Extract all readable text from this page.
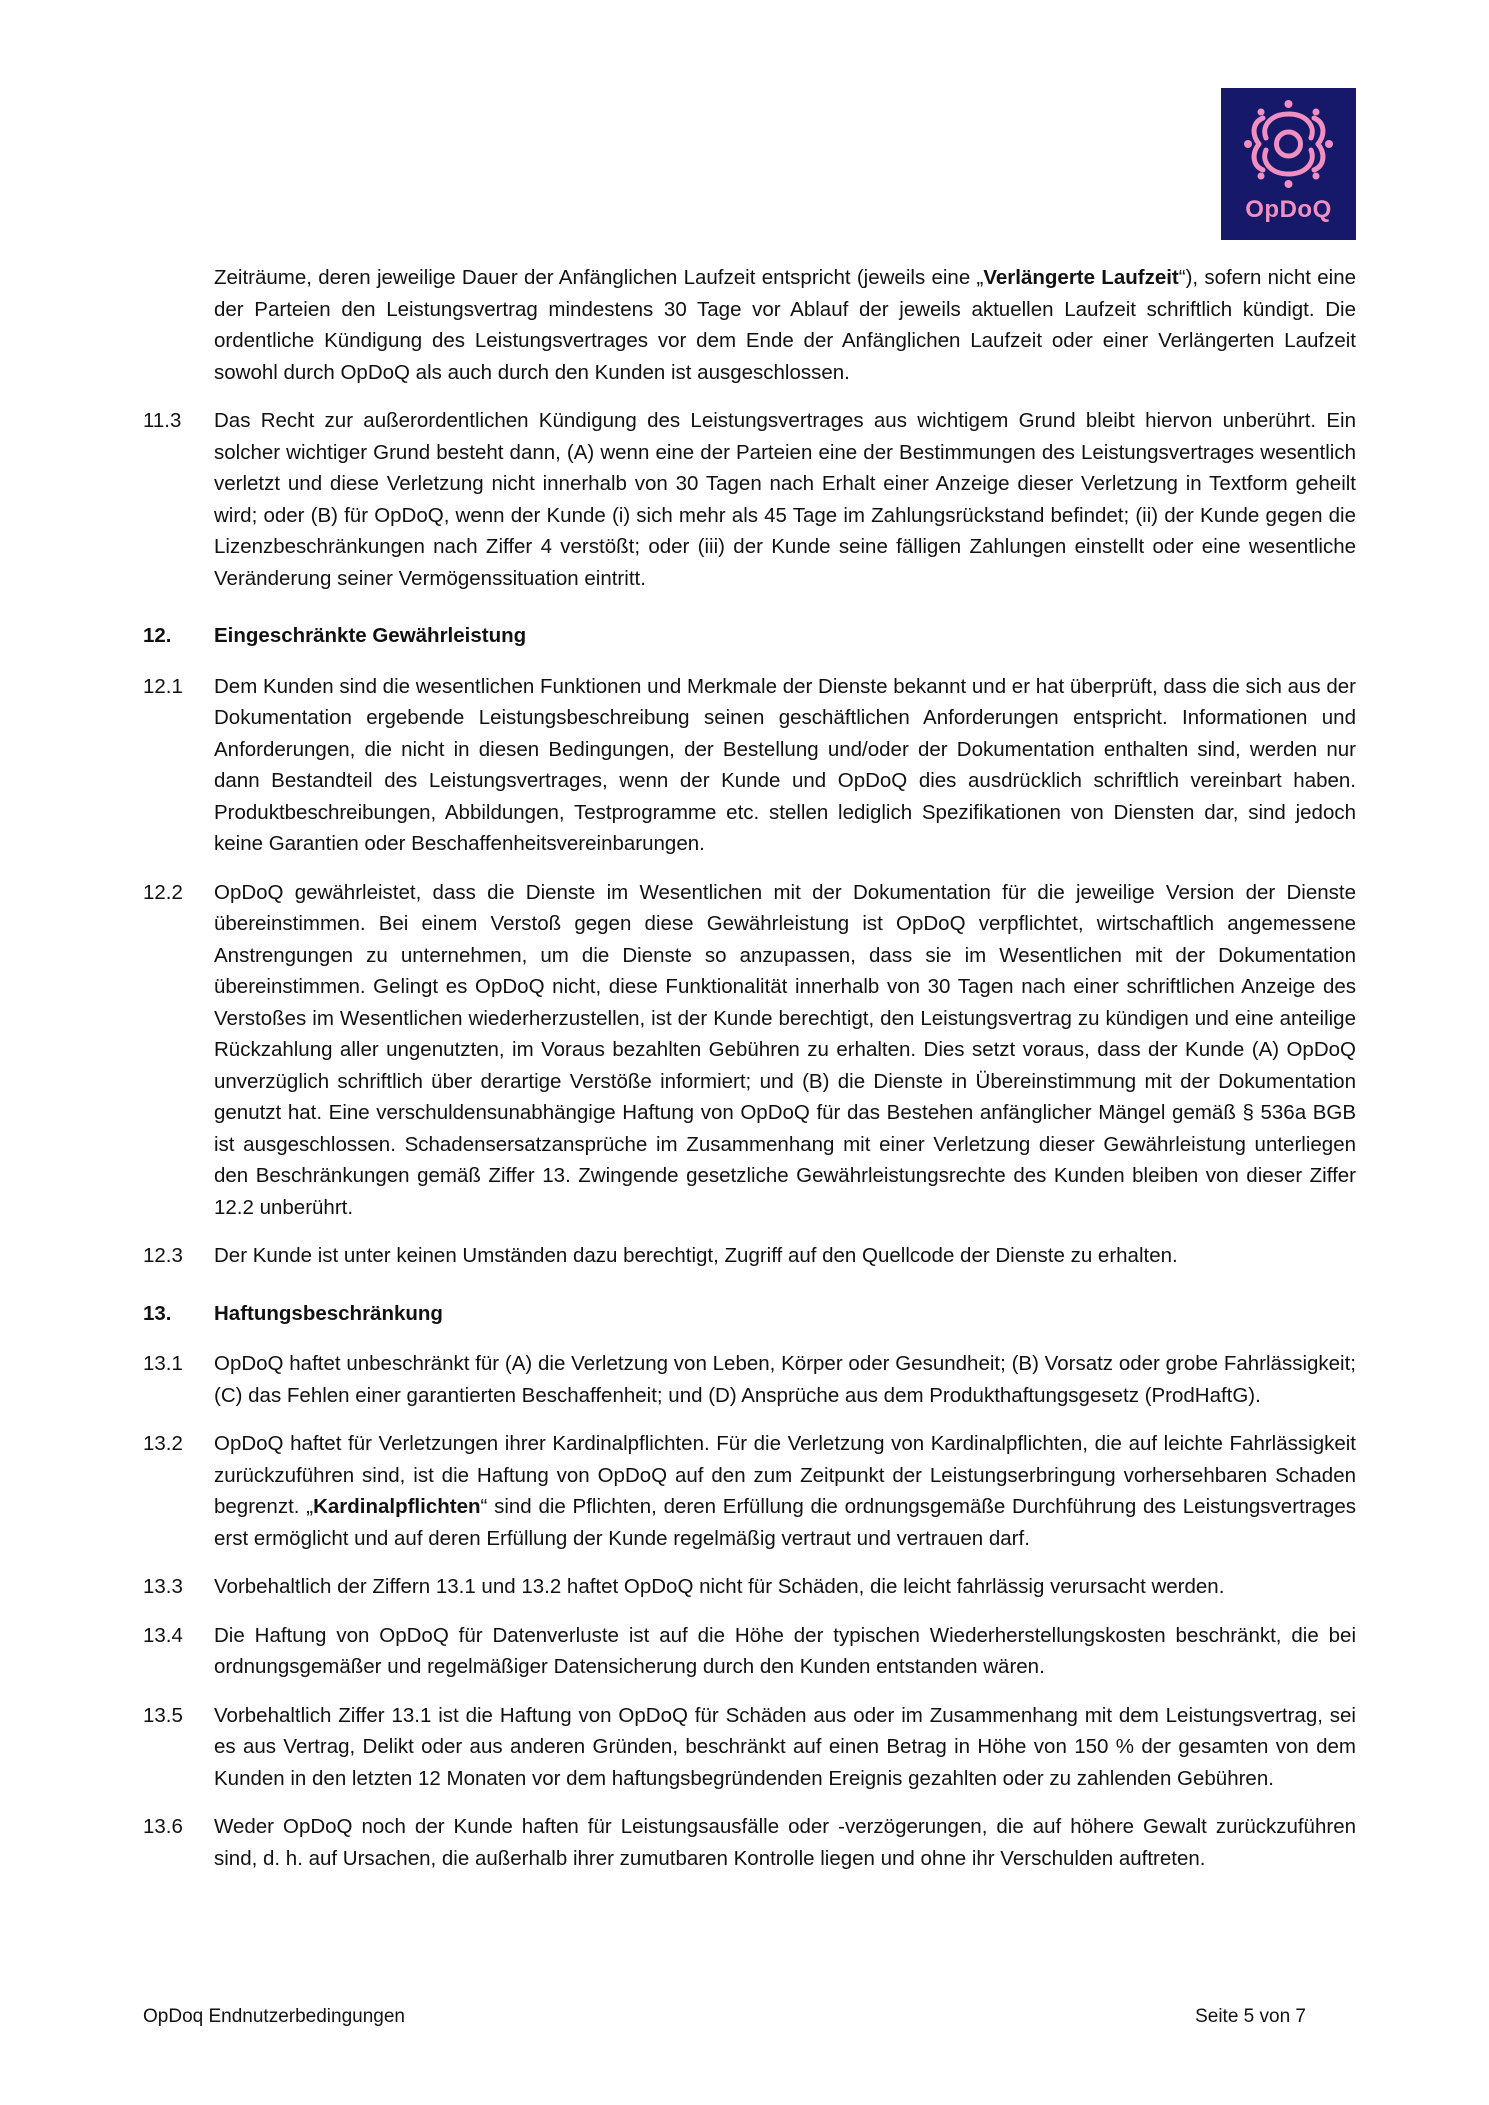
OpDoQ

Zeiträume, deren jeweilige Dauer der Anfänglichen Laufzeit entspricht (jeweils eine „Verlängerte Laufzeit“), sofern nicht eine der Parteien den Leistungsvertrag mindestens 30 Tage vor Ablauf der jeweils aktuellen Laufzeit schriftlich kündigt. Die ordentliche Kündigung des Leistungsvertrages vor dem Ende der Anfänglichen Laufzeit oder einer Verlängerten Laufzeit sowohl durch OpDoQ als auch durch den Kunden ist ausgeschlossen.

11.3	Das Recht zur außerordentlichen Kündigung des Leistungsvertrages aus wichtigem Grund bleibt hiervon unberührt. Ein solcher wichtiger Grund besteht dann, (A) wenn eine der Parteien eine der Bestimmungen des Leistungsvertrages wesentlich verletzt und diese Verletzung nicht innerhalb von 30 Tagen nach Erhalt einer Anzeige dieser Verletzung in Textform geheilt wird; oder (B) für OpDoQ, wenn der Kunde (i) sich mehr als 45 Tage im Zahlungsrückstand befindet; (ii) der Kunde gegen die Lizenzbeschränkungen nach Ziffer 4 verstößt; oder (iii) der Kunde seine fälligen Zahlungen einstellt oder eine wesentliche Veränderung seiner Vermögenssituation eintritt.
12.	Eingeschränkte Gewährleistung
12.1	Dem Kunden sind die wesentlichen Funktionen und Merkmale der Dienste bekannt und er hat überprüft, dass die sich aus der Dokumentation ergebende Leistungsbeschreibung seinen geschäftlichen Anforderungen entspricht. Informationen und Anforderungen, die nicht in diesen Bedingungen, der Bestellung und/oder der Dokumentation enthalten sind, werden nur dann Bestandteil des Leistungsvertrages, wenn der Kunde und OpDoQ dies ausdrücklich schriftlich vereinbart haben. Produktbeschreibungen, Abbildungen, Testprogramme etc. stellen lediglich Spezifikationen von Diensten dar, sind jedoch keine Garantien oder Beschaffenheitsvereinbarungen.
12.2	OpDoQ gewährleistet, dass die Dienste im Wesentlichen mit der Dokumentation für die jeweilige Version der Dienste übereinstimmen. Bei einem Verstoß gegen diese Gewährleistung ist OpDoQ verpflichtet, wirtschaftlich angemessene Anstrengungen zu unternehmen, um die Dienste so anzupassen, dass sie im Wesentlichen mit der Dokumentation übereinstimmen. Gelingt es OpDoQ nicht, diese Funktionalität innerhalb von 30 Tagen nach einer schriftlichen Anzeige des Verstoßes im Wesentlichen wiederherzustellen, ist der Kunde berechtigt, den Leistungsvertrag zu kündigen und eine anteilige Rückzahlung aller ungenutzten, im Voraus bezahlten Gebühren zu erhalten. Dies setzt voraus, dass der Kunde (A) OpDoQ unverzüglich schriftlich über derartige Verstöße informiert; und (B) die Dienste in Übereinstimmung mit der Dokumentation genutzt hat. Eine verschuldensunabhängige Haftung von OpDoQ für das Bestehen anfänglicher Mängel gemäß § 536a BGB ist ausgeschlossen. Schadensersatzansprüche im Zusammenhang mit einer Verletzung dieser Gewährleistung unterliegen den Beschränkungen gemäß Ziffer 13. Zwingende gesetzliche Gewährleistungsrechte des Kunden bleiben von dieser Ziffer 12.2 unberührt.
12.3	Der Kunde ist unter keinen Umständen dazu berechtigt, Zugriff auf den Quellcode der Dienste zu erhalten.
13.	Haftungsbeschränkung
13.1	OpDoQ haftet unbeschränkt für (A) die Verletzung von Leben, Körper oder Gesundheit; (B) Vorsatz oder grobe Fahrlässigkeit; (C) das Fehlen einer garantierten Beschaffenheit; und (D) Ansprüche aus dem Produkthaftungsgesetz (ProdHaftG).
13.2	OpDoQ haftet für Verletzungen ihrer Kardinalpflichten. Für die Verletzung von Kardinalpflichten, die auf leichte Fahrlässigkeit zurückzuführen sind, ist die Haftung von OpDoQ auf den zum Zeitpunkt der Leistungserbringung vorhersehbaren Schaden begrenzt. „Kardinalpflichten“ sind die Pflichten, deren Erfüllung die ordnungsgemäße Durchführung des Leistungsvertrages erst ermöglicht und auf deren Erfüllung der Kunde regelmäßig vertraut und vertrauen darf.
13.3	Vorbehaltlich der Ziffern 13.1 und 13.2 haftet OpDoQ nicht für Schäden, die leicht fahrlässig verursacht werden.
13.4	Die Haftung von OpDoQ für Datenverluste ist auf die Höhe der typischen Wiederherstellungskosten beschränkt, die bei ordnungsgemäßer und regelmäßiger Datensicherung durch den Kunden entstanden wären.
13.5	Vorbehaltlich Ziffer 13.1 ist die Haftung von OpDoQ für Schäden aus oder im Zusammenhang mit dem Leistungsvertrag, sei es aus Vertrag, Delikt oder aus anderen Gründen, beschränkt auf einen Betrag in Höhe von 150 % der gesamten von dem Kunden in den letzten 12 Monaten vor dem haftungsbegründenden Ereignis gezahlten oder zu zahlenden Gebühren.
13.6	Weder OpDoQ noch der Kunde haften für Leistungsausfälle oder -verzögerungen, die auf höhere Gewalt zurückzuführen sind, d. h. auf Ursachen, die außerhalb ihrer zumutbaren Kontrolle liegen und ohne ihr Verschulden auftreten.
OpDoq Endnutzerbedingungen	Seite 5 von 7
